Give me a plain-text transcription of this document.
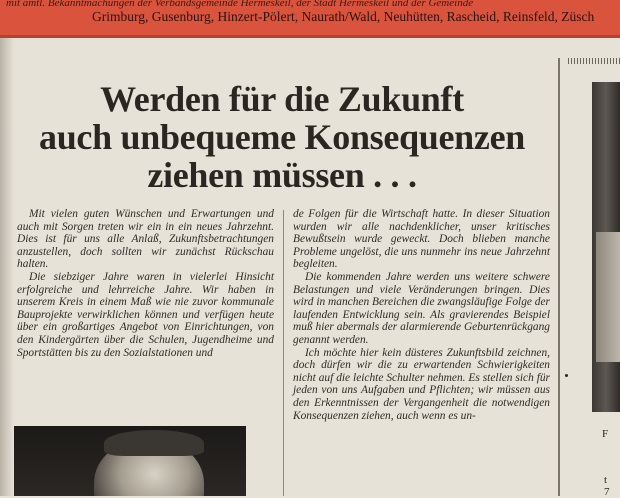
mit amtl. Bekanntmachungen der Verbandsgemeinde Hermeskeil, der Stadt Hermeskeil und der Gemeinde
Grimburg, Gusenburg, Hinzert-Pölert, Naurath/Wald, Neuhütten, Rascheid, Reinsfeld, Züsch
Werden für die Zukunft
auch unbequeme Konsequenzen
ziehen müssen . . .

Mit vielen guten Wünschen und Erwartungen und auch mit Sorgen treten wir ein in ein neues Jahrzehnt. Dies ist für uns alle Anlaß, Zukunftsbetrachtungen anzustellen, doch sollten wir zunächst Rückschau halten.

Die siebziger Jahre waren in vielerlei Hinsicht erfolgreiche und lehrreiche Jahre. Wir haben in unserem Kreis in einem Maß wie nie zuvor kommunale Bauprojekte verwirklichen können und verfügen heute über ein großartiges Angebot von Einrichtungen, von den Kindergärten über die Schulen, Jugendheime und Sportstätten bis zu den Sozialstationen und

de Folgen für die Wirtschaft hatte. In dieser Situation wurden wir alle nachdenklicher, unser kritisches Bewußtsein wurde geweckt. Doch blieben manche Probleme ungelöst, die uns nunmehr ins neue Jahrzehnt begleiten.

Die kommenden Jahre werden uns weitere schwere Belastungen und viele Veränderungen bringen. Dies wird in manchen Bereichen die zwangsläufige Folge der laufenden Entwicklung sein. Als gravierendes Beispiel muß hier abermals der alarmierende Geburtenrückgang genannt werden.

Ich möchte hier kein düsteres Zukunftsbild zeichnen, doch dürfen wir die zu erwartenden Schwierigkeiten nicht auf die leichte Schulter nehmen. Es stellen sich für jeden von uns Aufgaben und Pflichten; wir müssen aus den Erkenntnissen der Vergangenheit die notwendigen Konsequenzen ziehen, auch wenn es un-

F
t
7
